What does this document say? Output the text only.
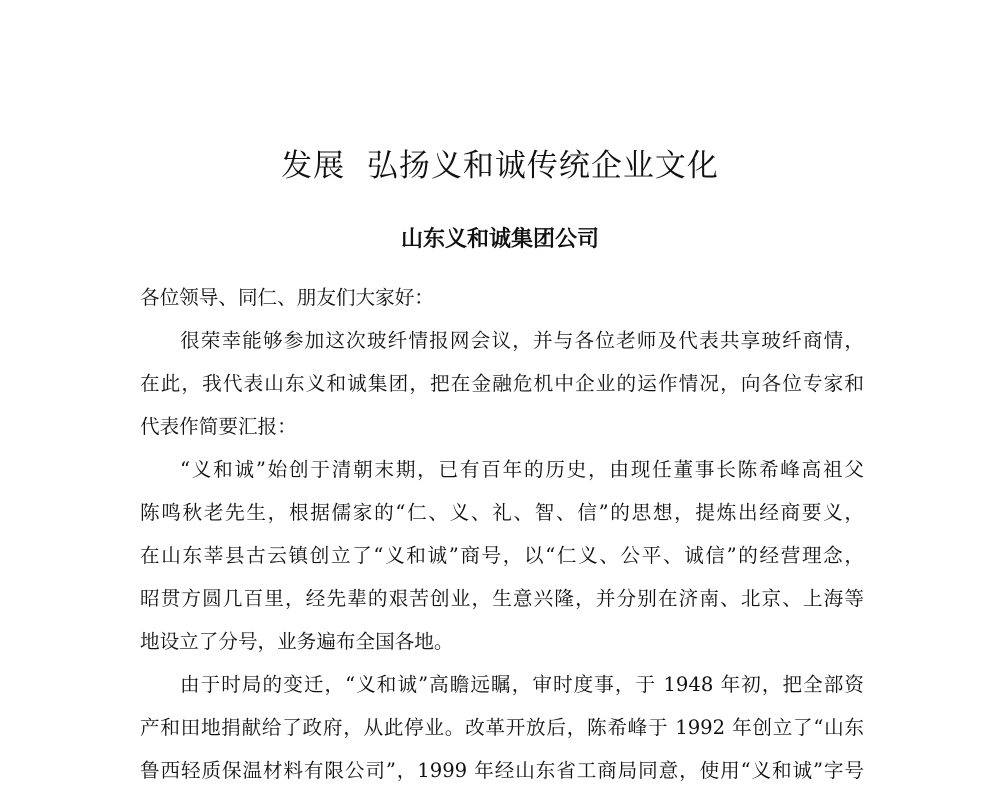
发展  弘扬义和诚传统企业文化
山东义和诚集团公司
各位领导、同仁、朋友们大家好：
很荣幸能够参加这次玻纤情报网会议，并与各位老师及代表共享玻纤商情，
在此，我代表山东义和诚集团，把在金融危机中企业的运作情况，向各位专家和
代表作简要汇报：
“义和诚”始创于清朝末期，已有百年的历史，由现任董事长陈希峰高祖父
陈鸣秋老先生，根据儒家的“仁、义、礼、智、信”的思想，提炼出经商要义，
在山东莘县古云镇创立了“义和诚”商号，以“仁义、公平、诚信”的经营理念，
昭贯方圆几百里，经先辈的艰苦创业，生意兴隆，并分别在济南、北京、上海等
地设立了分号，业务遍布全国各地。
由于时局的变迁，“义和诚”高瞻远瞩，审时度事，于 1948 年初，把全部资
产和田地捐献给了政府，从此停业。改革开放后，陈希峰于 1992 年创立了“山东
鲁西轻质保温材料有限公司”，1999 年经山东省工商局同意，使用“义和诚”字号
